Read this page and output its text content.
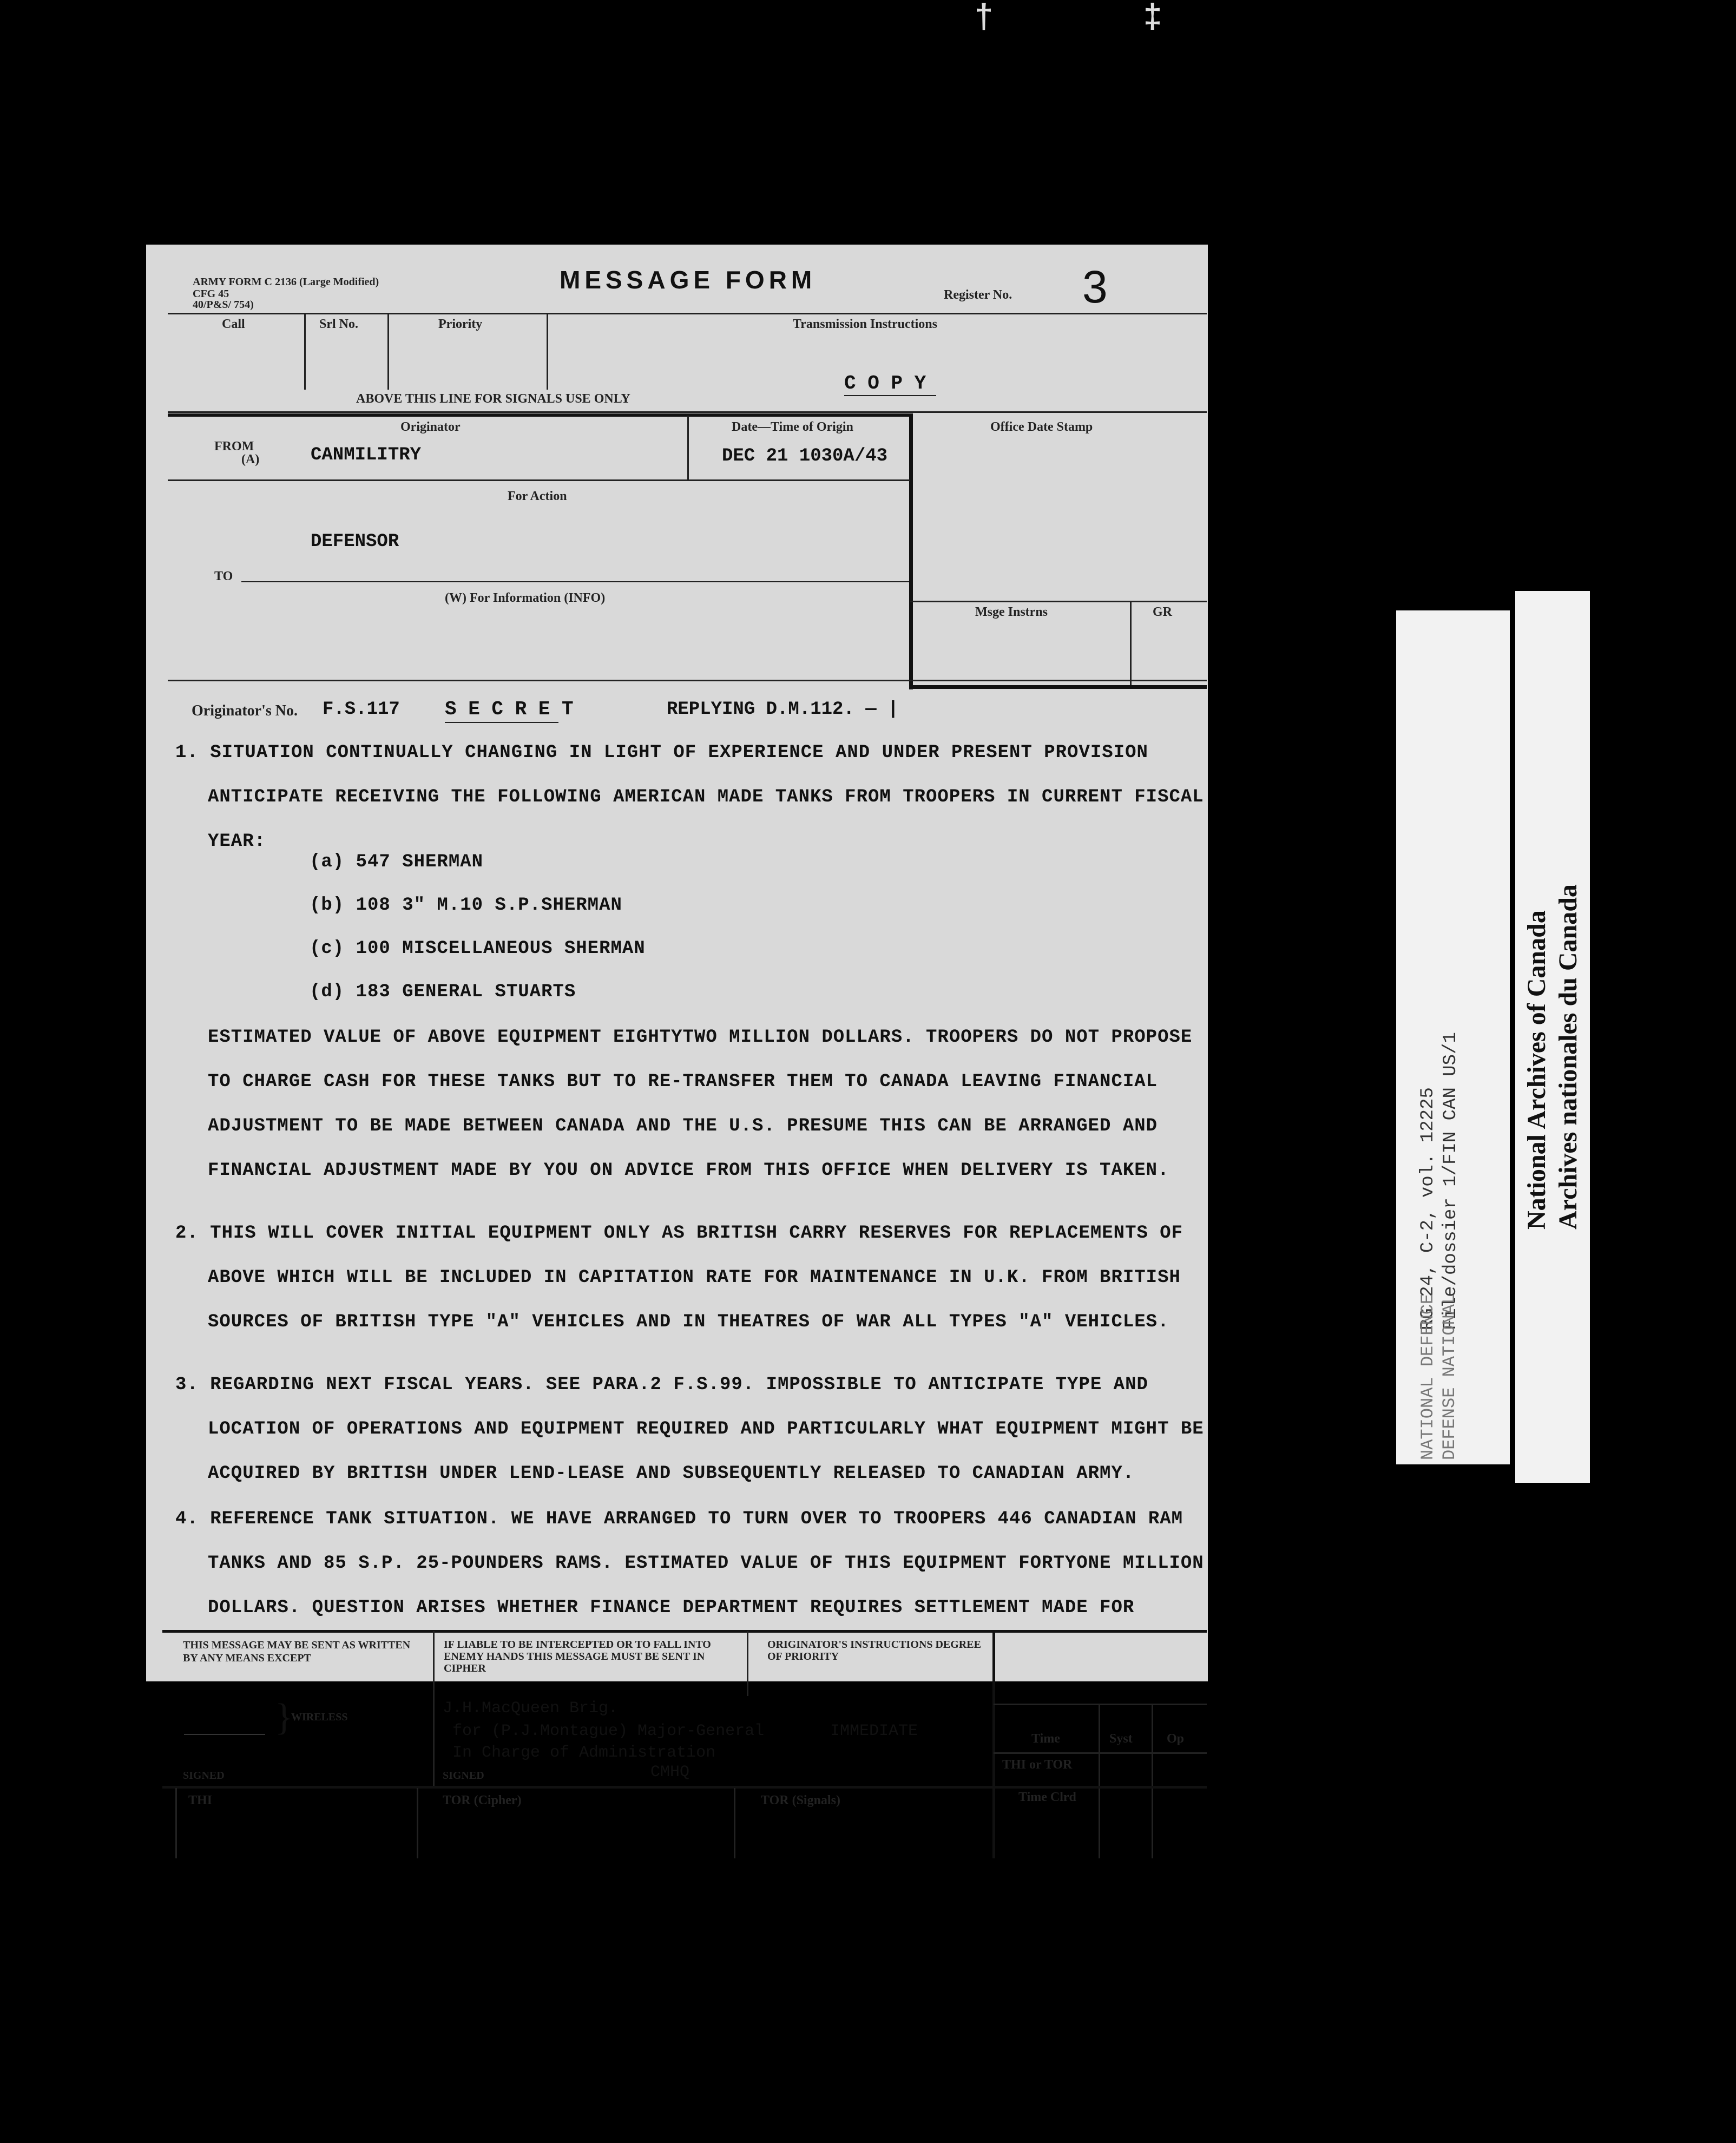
† ‡
ARMY FORM C 2136 (Large Modified)
CFG 45
40/P&S/ 754)
MESSAGE FORM
Register No. 3
Call	Srl No.	Priority	Transmission Instructions
C O P Y
ABOVE THIS LINE FOR SIGNALS USE ONLY
FROM
(A)
Originator
CANMILITRY
Date—Time of Origin
DEC 21 1030A/43
Office Date Stamp
For Action
DEFENSOR
TO
(W) For Information (INFO)
Msge Instrns	GR
Originator's No. F.S.117 S E C R E T	REPLYING D.M.112. — |
1. SITUATION CONTINUALLY CHANGING IN LIGHT OF EXPERIENCE AND UNDER PRESENT PROVISION
ANTICIPATE RECEIVING THE FOLLOWING AMERICAN MADE TANKS FROM TROOPERS IN CURRENT FISCAL
YEAR:
(a) 547 SHERMAN
(b) 108 3" M.10 S.P.SHERMAN
(c) 100 MISCELLANEOUS SHERMAN
(d) 183 GENERAL STUARTS
ESTIMATED VALUE OF ABOVE EQUIPMENT EIGHTYTWO MILLION DOLLARS. TROOPERS DO NOT PROPOSE
TO CHARGE CASH FOR THESE TANKS BUT TO RE-TRANSFER THEM TO CANADA LEAVING FINANCIAL
ADJUSTMENT TO BE MADE BETWEEN CANADA AND THE U.S. PRESUME THIS CAN BE ARRANGED AND
FINANCIAL ADJUSTMENT MADE BY YOU ON ADVICE FROM THIS OFFICE WHEN DELIVERY IS TAKEN.
2. THIS WILL COVER INITIAL EQUIPMENT ONLY AS BRITISH CARRY RESERVES FOR REPLACEMENTS OF
ABOVE WHICH WILL BE INCLUDED IN CAPITATION RATE FOR MAINTENANCE IN U.K. FROM BRITISH
SOURCES OF BRITISH TYPE "A" VEHICLES AND IN THEATRES OF WAR ALL TYPES "A" VEHICLES.
3. REGARDING NEXT FISCAL YEARS. SEE PARA.2 F.S.99. IMPOSSIBLE TO ANTICIPATE TYPE AND
LOCATION OF OPERATIONS AND EQUIPMENT REQUIRED AND PARTICULARLY WHAT EQUIPMENT MIGHT BE
ACQUIRED BY BRITISH UNDER LEND-LEASE AND SUBSEQUENTLY RELEASED TO CANADIAN ARMY.
4. REFERENCE TANK SITUATION. WE HAVE ARRANGED TO TURN OVER TO TROOPERS 446 CANADIAN RAM
TANKS AND 85 S.P. 25-POUNDERS RAMS. ESTIMATED VALUE OF THIS EQUIPMENT FORTYONE MILLION
DOLLARS. QUESTION ARISES WHETHER FINANCE DEPARTMENT REQUIRES SETTLEMENT MADE FOR
THIS MESSAGE MAY BE SENT AS WRITTEN BY ANY MEANS EXCEPT
WIRELESS
}
SIGNED
IF LIABLE TO BE INTERCEPTED OR TO FALL INTO ENEMY HANDS THIS MESSAGE MUST BE SENT IN CIPHER
J.H.MacQueen Brig.
for (P.J.Montague) Major-General
In Charge of Administration
CMHQ
SIGNED
ORIGINATOR'S INSTRUCTIONS DEGREE OF PRIORITY
IMMEDIATE	Time	Syst	Op
THI or TOR
Time Clrd
THI	TOR (Cipher)	TOR (Signals)
RG 24, C-2, vol. 12225 File/dossier 1/FIN CAN US/1
NATIONAL DEFENCE DEFENSE NATIONAL
National Archives of Canada Archives nationales du Canada
